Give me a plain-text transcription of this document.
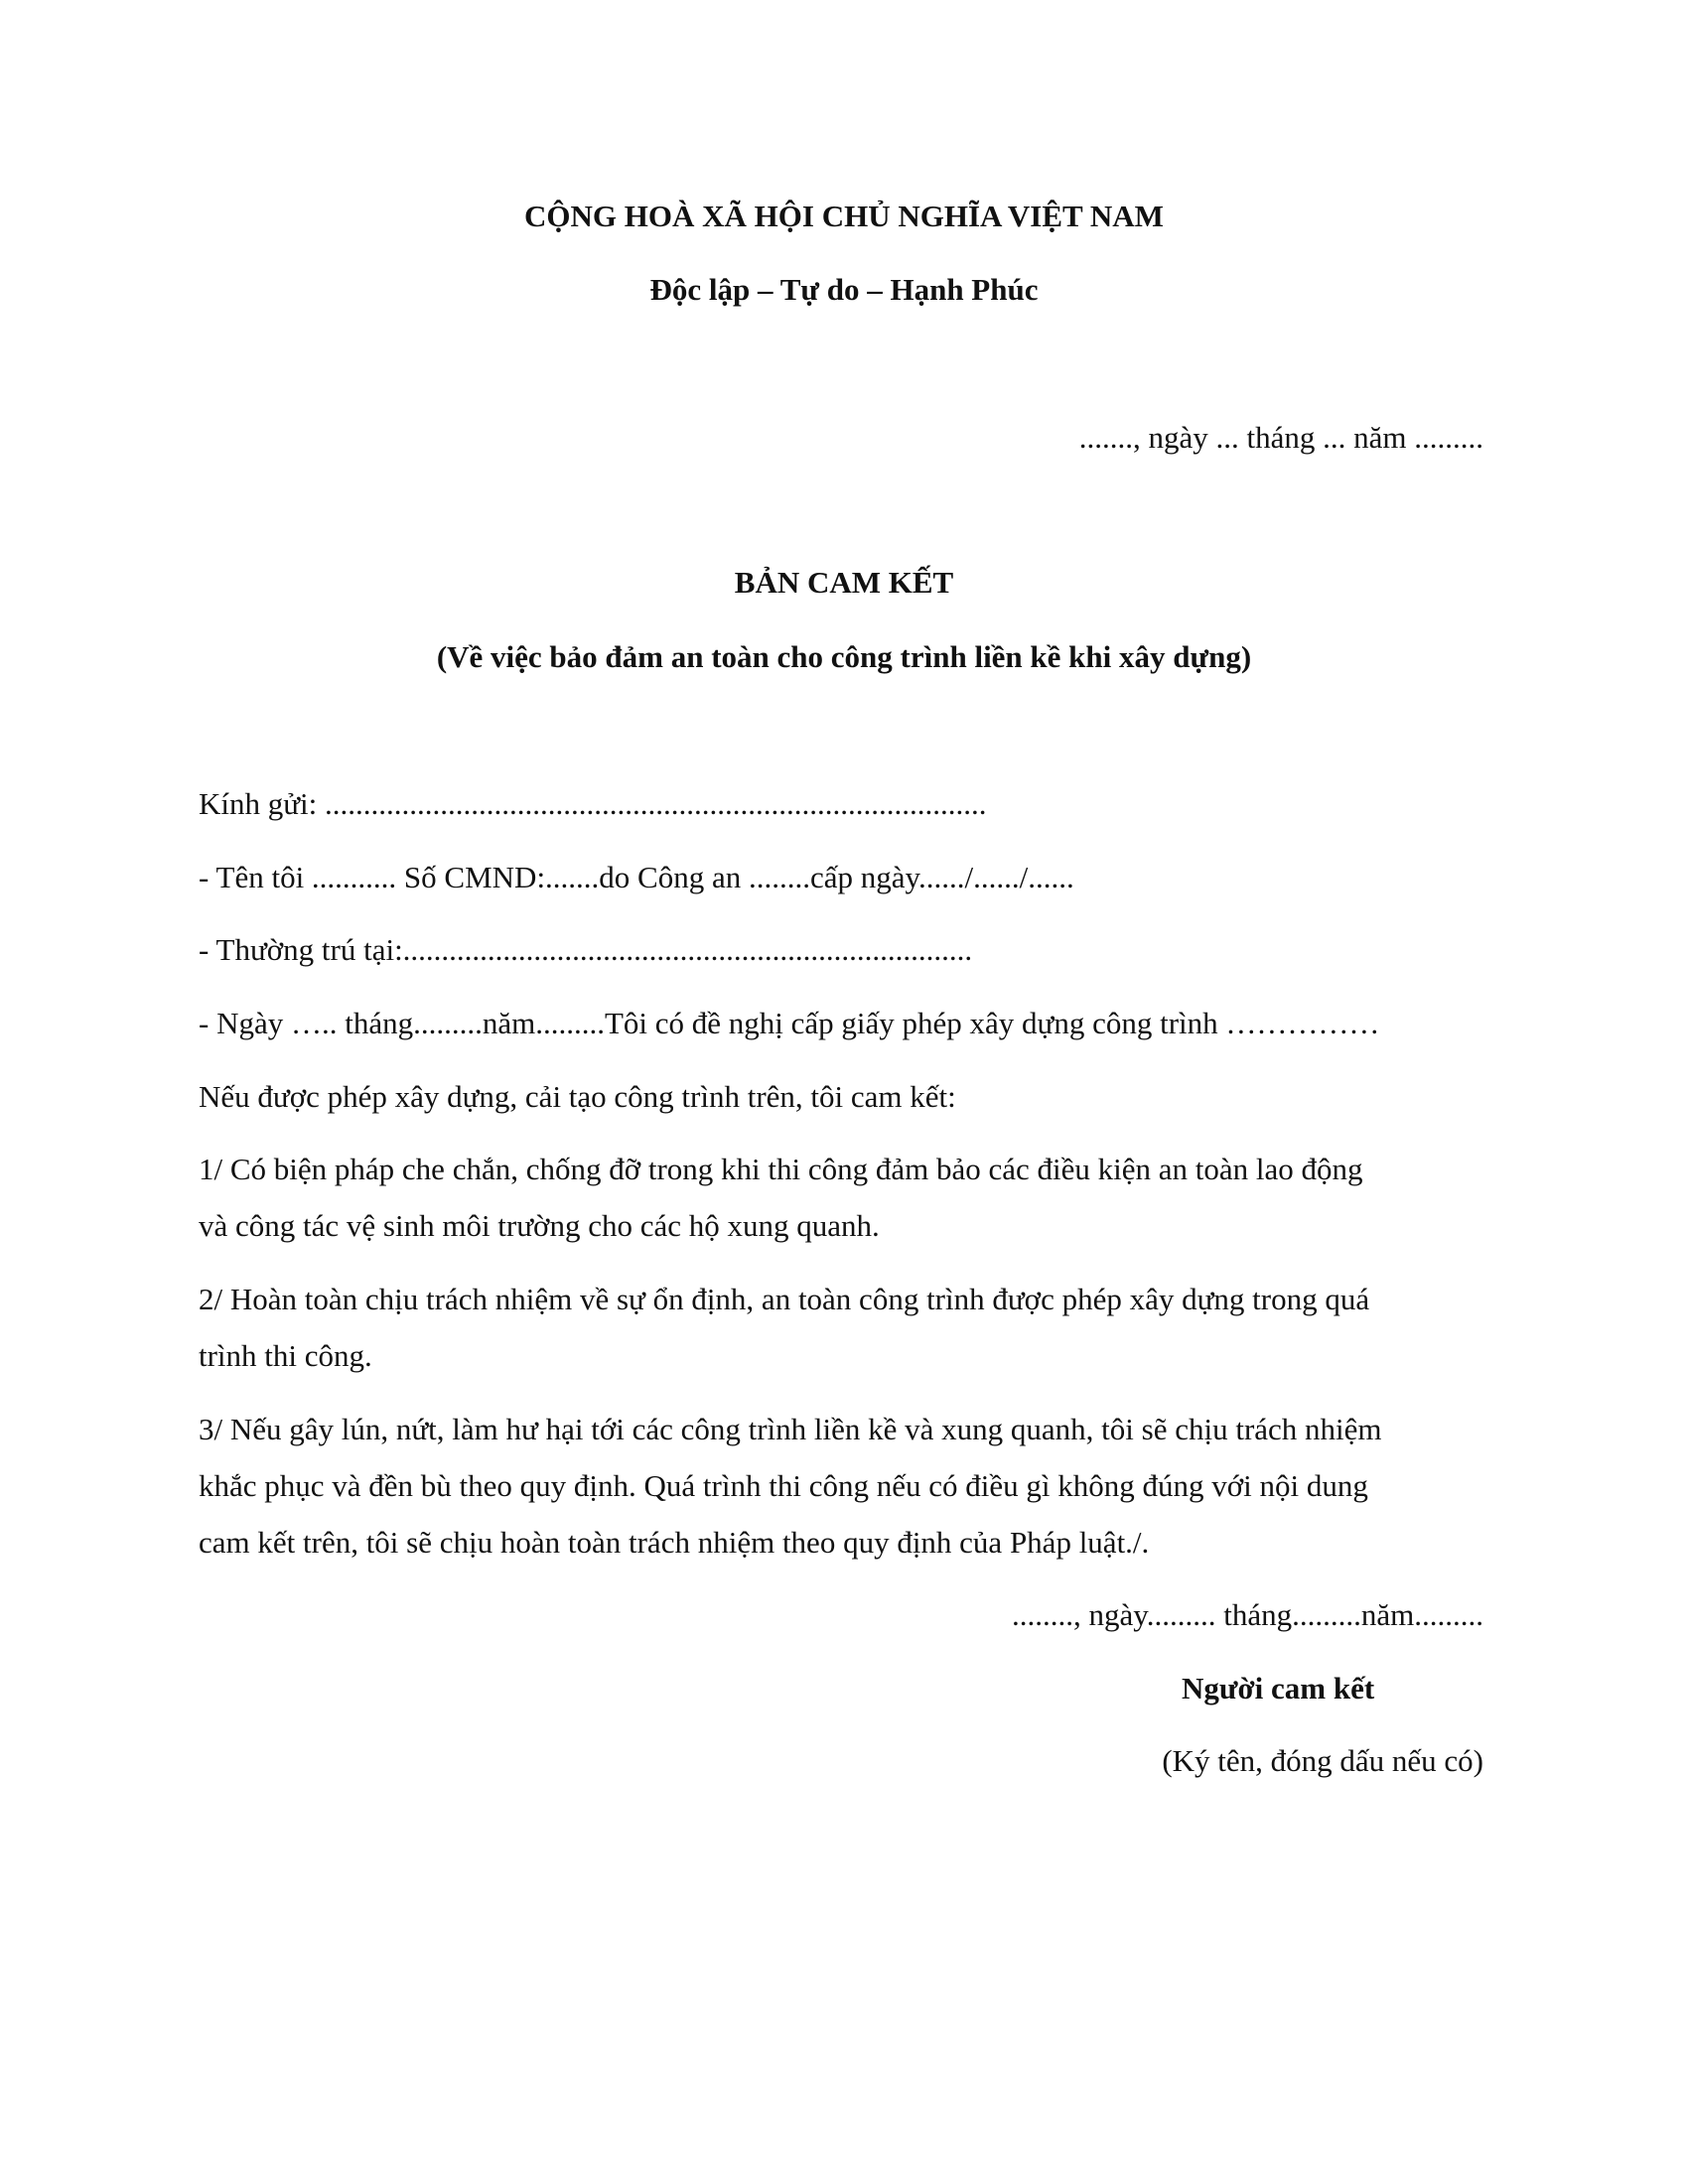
CỘNG HOÀ XÃ HỘI CHỦ NGHĨA VIỆT NAM
Độc lập – Tự do – Hạnh Phúc
......., ngày ... tháng ... năm .........
BẢN CAM KẾT
(Về việc bảo đảm an toàn cho công trình liền kề khi xây dựng)
Kính gửi: ......................................................................................
- Tên tôi ........... Số CMND:.......do Công an ........cấp ngày....../....../......
- Thường trú tại:..........................................................................
- Ngày ….. tháng.........năm.........Tôi có đề nghị cấp giấy phép xây dựng công trình ……………
Nếu được phép xây dựng, cải tạo công trình trên, tôi cam kết:
1/ Có biện pháp che chắn, chống đỡ trong khi thi công đảm bảo các điều kiện an toàn lao động
và công tác vệ sinh môi trường cho các hộ xung quanh.
2/ Hoàn toàn chịu trách nhiệm về sự ổn định, an toàn công trình được phép xây dựng trong quá
trình thi công.
3/ Nếu gây lún, nứt, làm hư hại tới các công trình liền kề và xung quanh, tôi sẽ chịu trách nhiệm
khắc phục và đền bù theo quy định. Quá trình thi công nếu có điều gì không đúng với nội dung
cam kết trên, tôi sẽ chịu hoàn toàn trách nhiệm theo quy định của Pháp luật./.
........, ngày......... tháng.........năm.........
Người cam kết
(Ký tên, đóng dấu nếu có)
